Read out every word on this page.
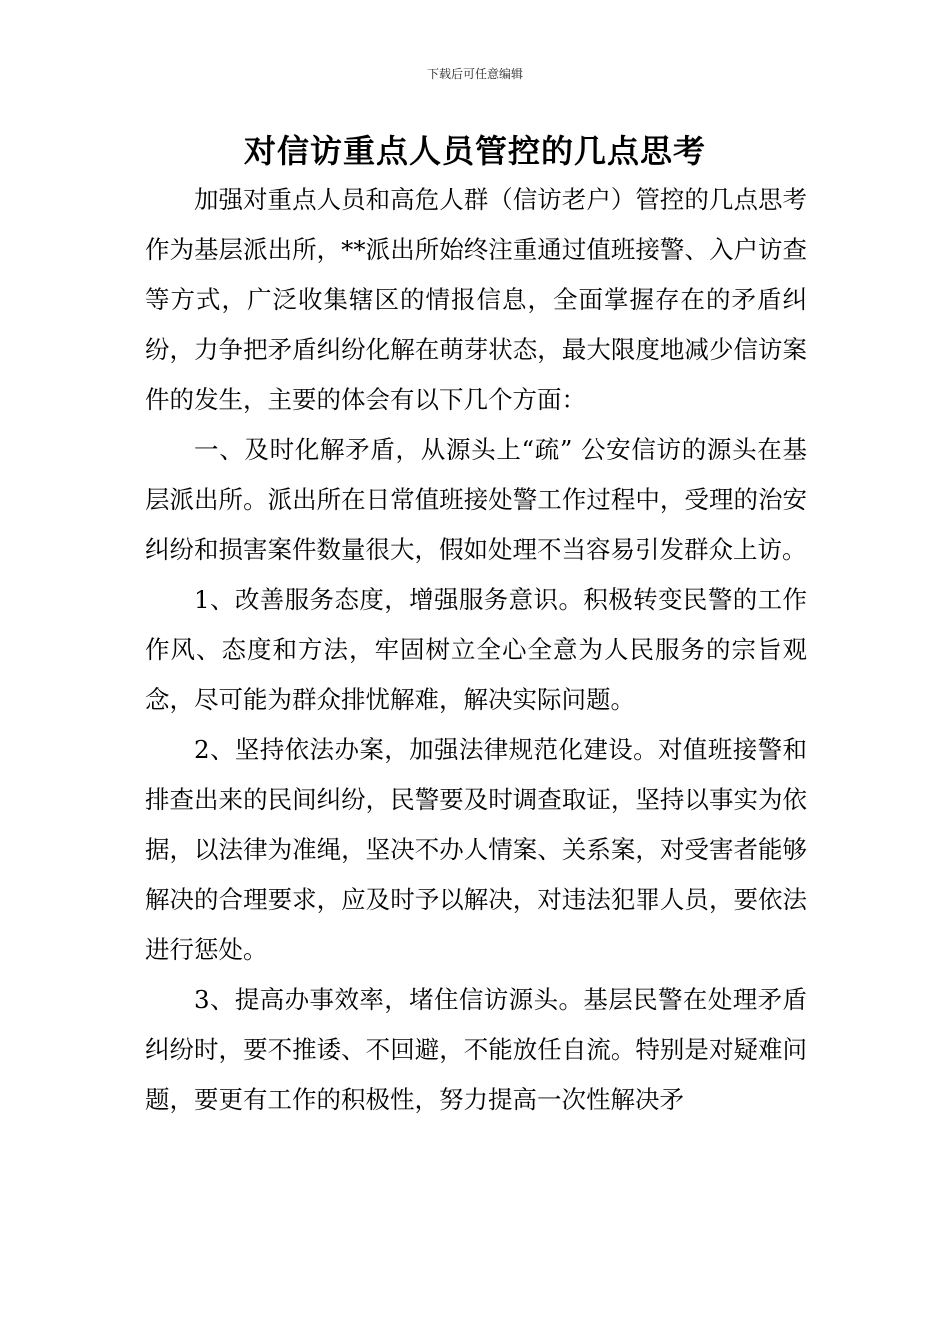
下载后可任意编辑
对信访重点人员管控的几点思考

加强对重点人员和高危人群（信访老户）管控的几点思考　　作为基层派出所，**派出所始终注重通过值班接警、入户访查等方式，广泛收集辖区的情报信息，全面掌握存在的矛盾纠纷，力争把矛盾纠纷化解在萌芽状态，最大限度地减少信访案件的发生，主要的体会有以下几个方面：

一、及时化解矛盾，从源头上“疏” 公安信访的源头在基层派出所。派出所在日常值班接处警工作过程中，受理的治安纠纷和损害案件数量很大，假如处理不当容易引发群众上访。

1、改善服务态度，增强服务意识。积极转变民警的工作作风、态度和方法，牢固树立全心全意为人民服务的宗旨观念，尽可能为群众排忧解难，解决实际问题。

2、坚持依法办案，加强法律规范化建设。对值班接警和排查出来的民间纠纷，民警要及时调查取证，坚持以事实为依据，以法律为准绳，坚决不办人情案、关系案，对受害者能够解决的合理要求，应及时予以解决，对违法犯罪人员，要依法进行惩处。

3、提高办事效率，堵住信访源头。基层民警在处理矛盾纠纷时，要不推诿、不回避，不能放任自流。特别是对疑难问题，要更有工作的积极性，努力提高一次性解决矛
